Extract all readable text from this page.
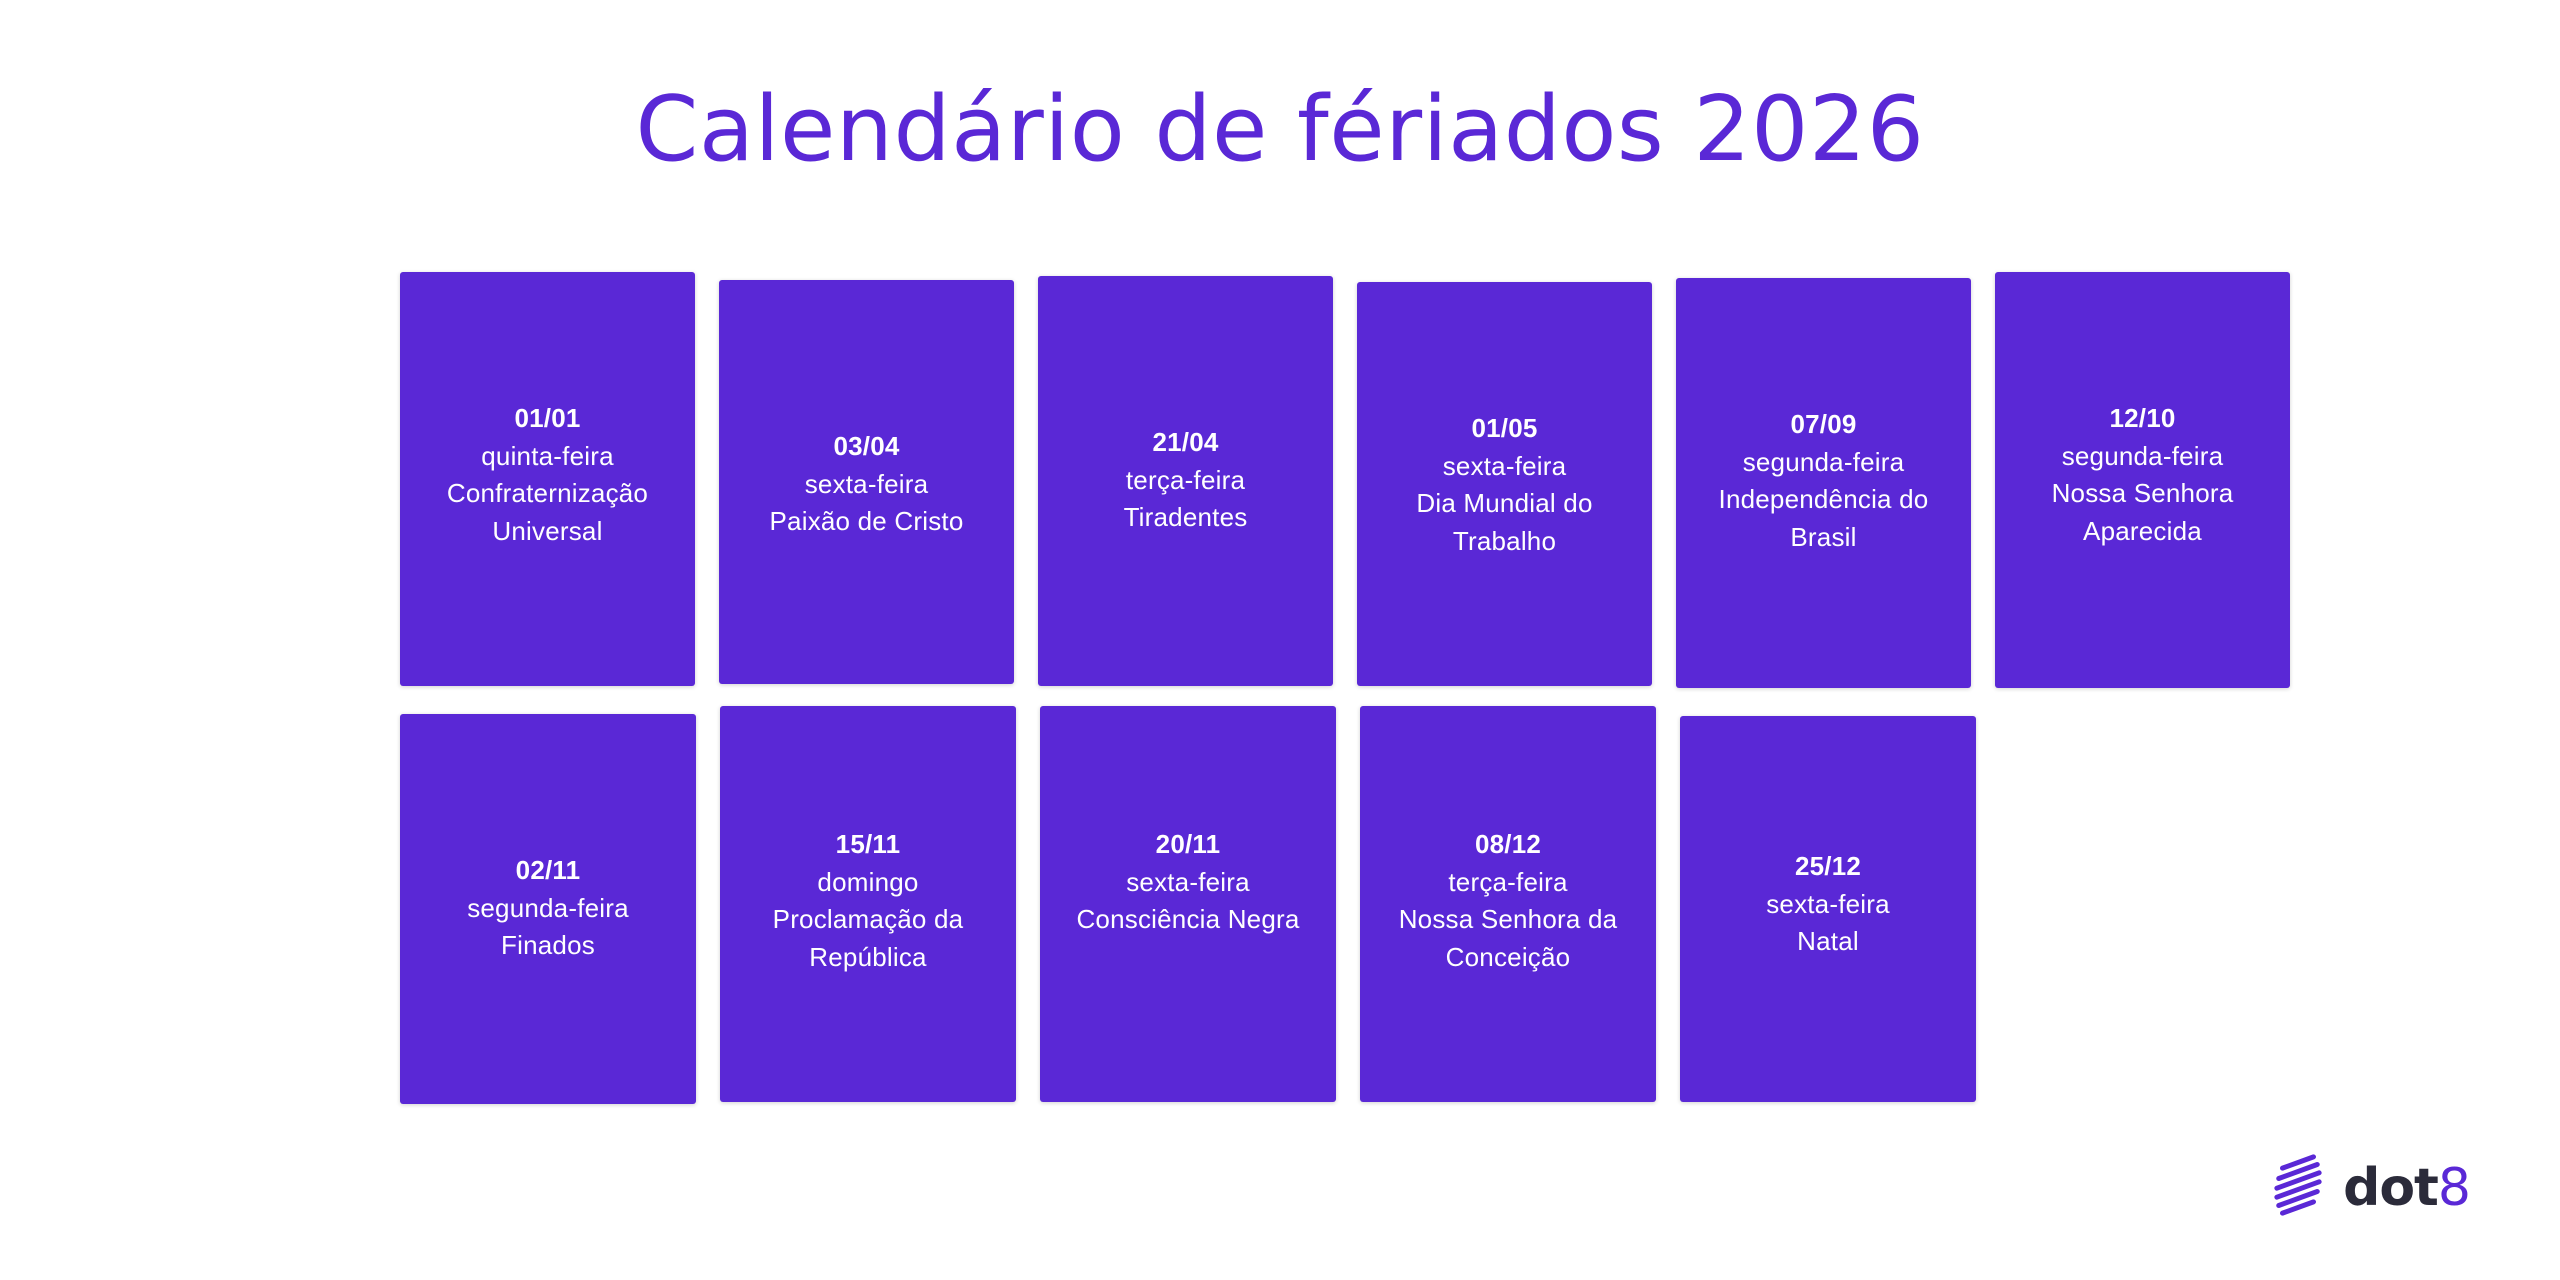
Calendário de fériados 2026
01/01
quinta-feira
Confraternização Universal
03/04
sexta-feira
Paixão de Cristo
21/04
terça-feira
Tiradentes
01/05
sexta-feira
Dia Mundial do Trabalho
07/09
segunda-feira
Independência do Brasil
12/10
segunda-feira
Nossa Senhora Aparecida
02/11
segunda-feira
Finados
15/11
domingo
Proclamação da República
20/11
sexta-feira
Consciência Negra
08/12
terça-feira
Nossa Senhora da Conceição
25/12
sexta-feira
Natal
dot8
